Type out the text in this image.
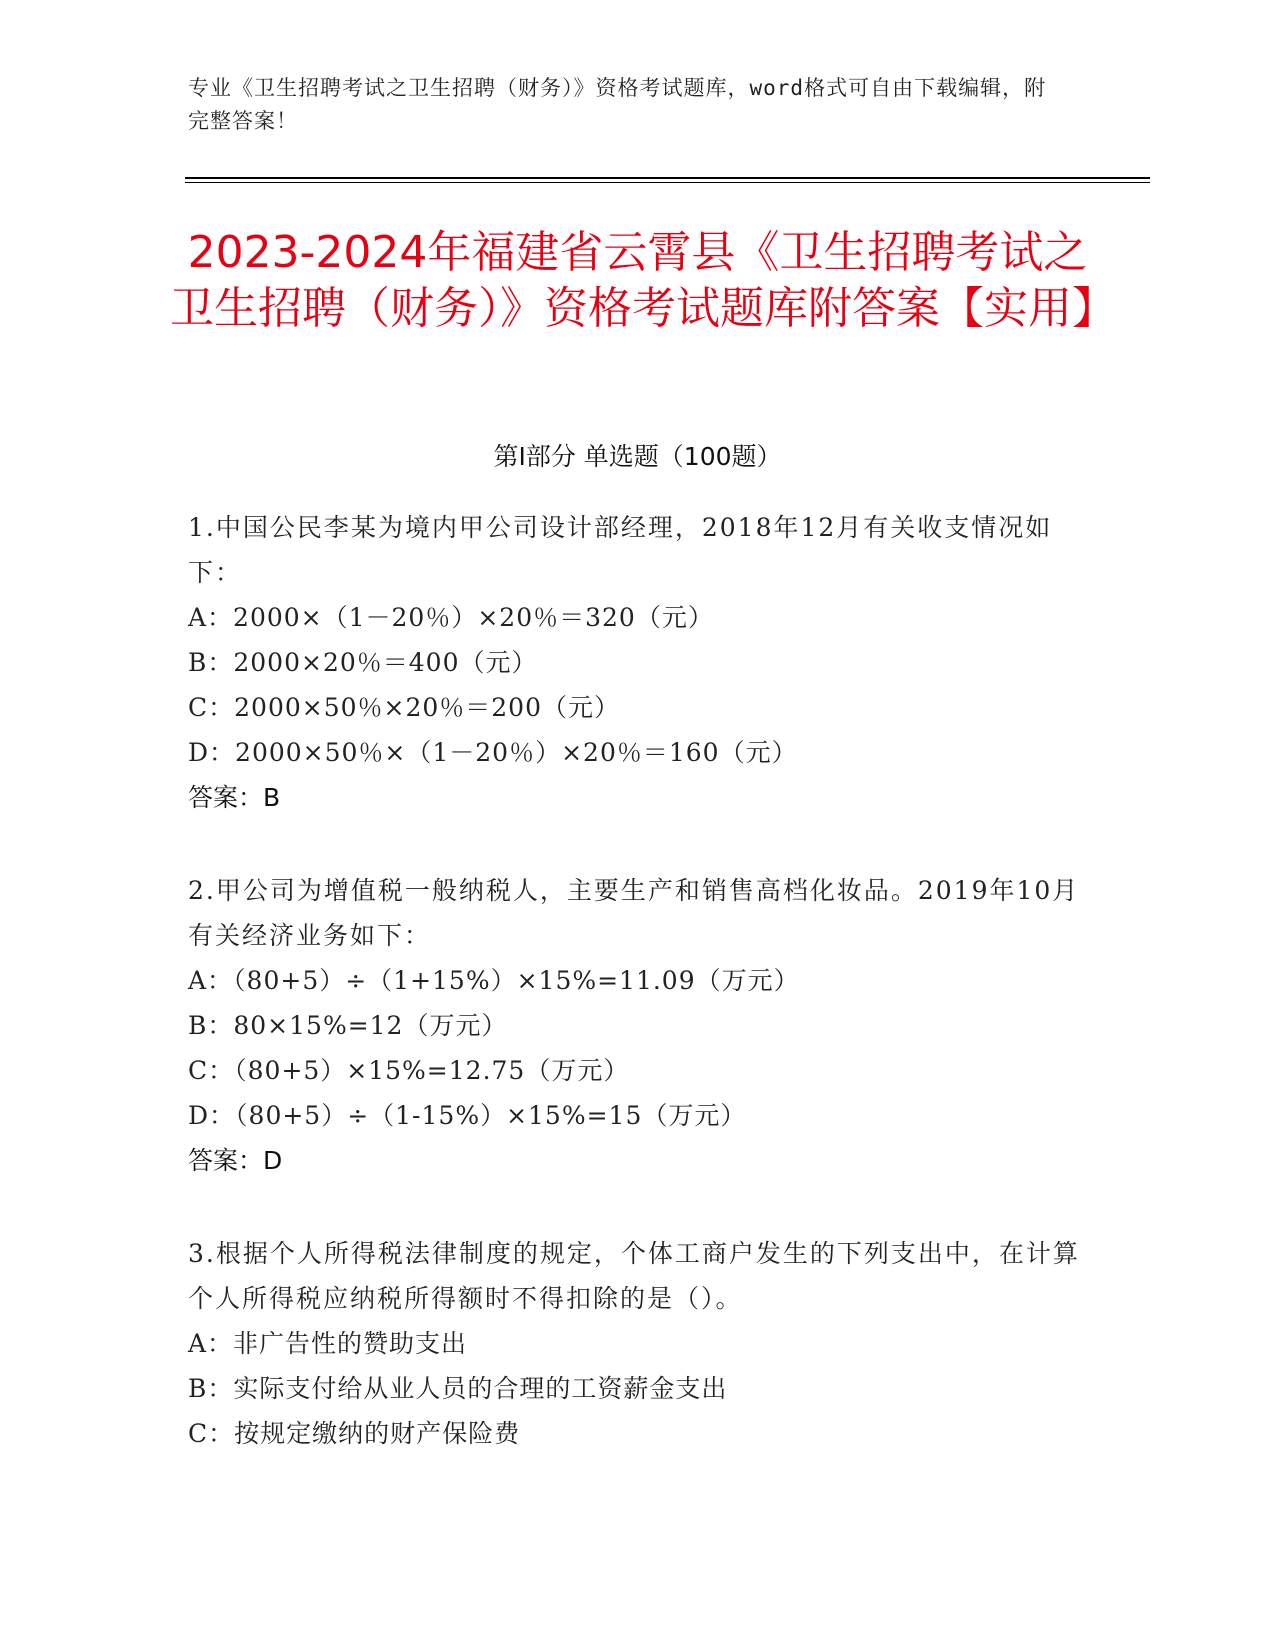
专业《卫生招聘考试之卫生招聘（财务）》资格考试题库，word格式可自由下载编辑，附完整答案！
2023-2024年福建省云霄县《卫生招聘考试之卫生招聘（财务）》资格考试题库附答案【实用】
第Ⅰ部分 单选题（100题）
1.中国公民李某为境内甲公司设计部经理，2018年12月有关收支情况如下：
A：2000×（1－20％）×20％＝320（元）
B：2000×20％＝400（元）
C：2000×50％×20％＝200（元）
D：2000×50％×（1－20％）×20％＝160（元）
答案：B
2.甲公司为增值税一般纳税人，主要生产和销售高档化妆品。2019年10月有关经济业务如下：
A：（80+5）÷（1+15%）×15%=11.09（万元）
B：80×15%=12（万元）
C：（80+5）×15%=12.75（万元）
D：（80+5）÷（1-15%）×15%=15（万元）
答案：D
3.根据个人所得税法律制度的规定，个体工商户发生的下列支出中，在计算个人所得税应纳税所得额时不得扣除的是（）。
A：非广告性的赞助支出
B：实际支付给从业人员的合理的工资薪金支出
C：按规定缴纳的财产保险费
